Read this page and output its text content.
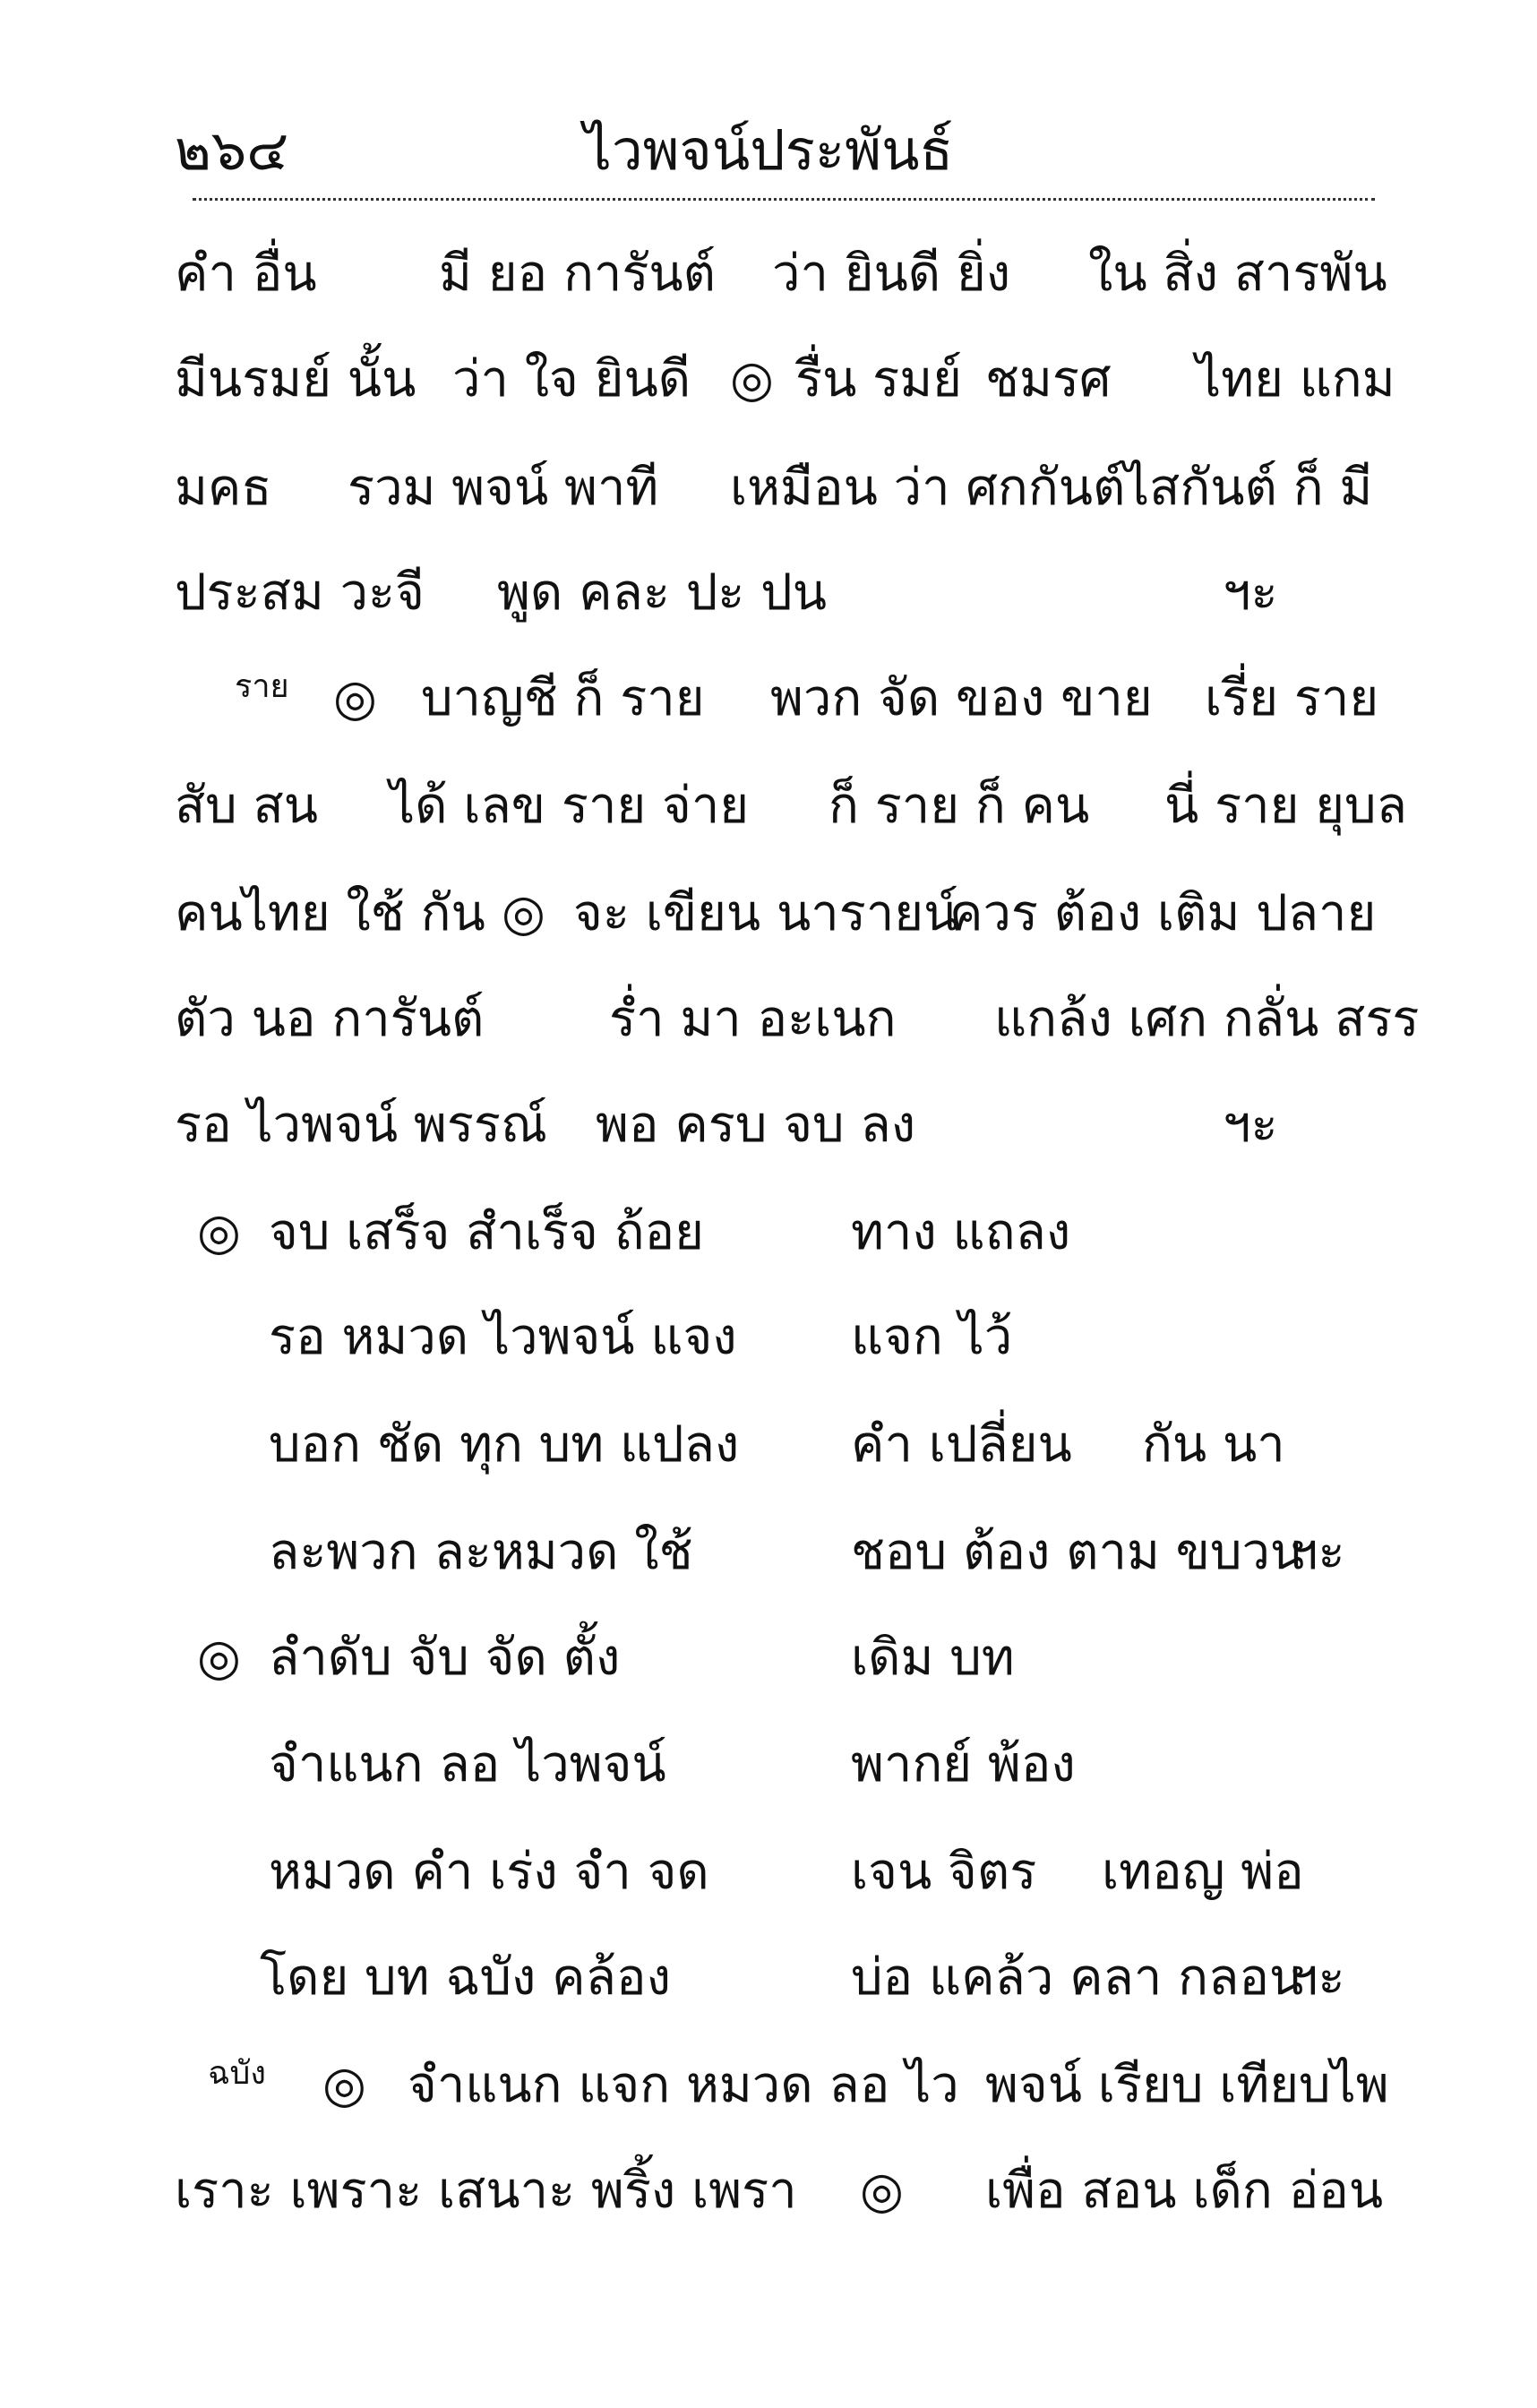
๒๖๔	ไวพจน์ประพันธ์
คำ อื่น มี ยอ การันต์ ว่า ยินดี ยิ่ง ใน สิ่ง สารพัน
มีนรมย์ นั้น ว่า ใจ ยินดี ◎ รื่น รมย์ ชมรศ ไทย แกม
มคธ รวม พจน์ พาที เหมือน ว่า ศกกันต์
ไสกันต์ ก็ มี
ประสม วะจี พูด คละ ปะ ปน	ฯะ
ราย ◎ บาญชี ก็ ราย พวก จัด ของ ขาย เรี่ย ราย
สับ สน ได้ เลข ราย จ่าย ก็ ราย ก็ คน นี่ ราย ยุบล
คนไทย ใช้ กัน ◎ จะ เขียน นารายน์
ควร ต้อง เติม ปลาย
ตัว นอ การันต์ ร่ำ มา อะเนก แกล้ง เศก กลั่น สรร
รอ ไวพจน์ พรรณ์ พอ ครบ จบ ลง	ฯะ
◎ จบ เสร็จ สำเร็จ ถ้อย	ทาง แถลง
รอ หมวด ไวพจน์ แจง แจก ไว้
บอก ชัด ทุก บท แปลง คำ เปลี่ยน กัน นา
ละพวก ละหมวด ใช้	ชอบ ต้อง ตาม ขบวน
ฯะ
◎ ลำดับ จับ จัด ตั้ง	เดิม บท
จำแนก ลอ ไวพจน์	พากย์ พ้อง
หมวด คำ เร่ง จำ จด	เจน จิตร เทอญ พ่อ
โดย บท ฉบัง คล้อง	บ่อ แคล้ว คลา กลอน
ฯะ
ฉบัง ◎ จำแนก แจก หมวด ลอ ไว พจน์ เรียบ เทียบไพ
เราะ เพราะ เสนาะ พริ้ง เพรา ◎ เพื่อ สอน เด็ก อ่อน
